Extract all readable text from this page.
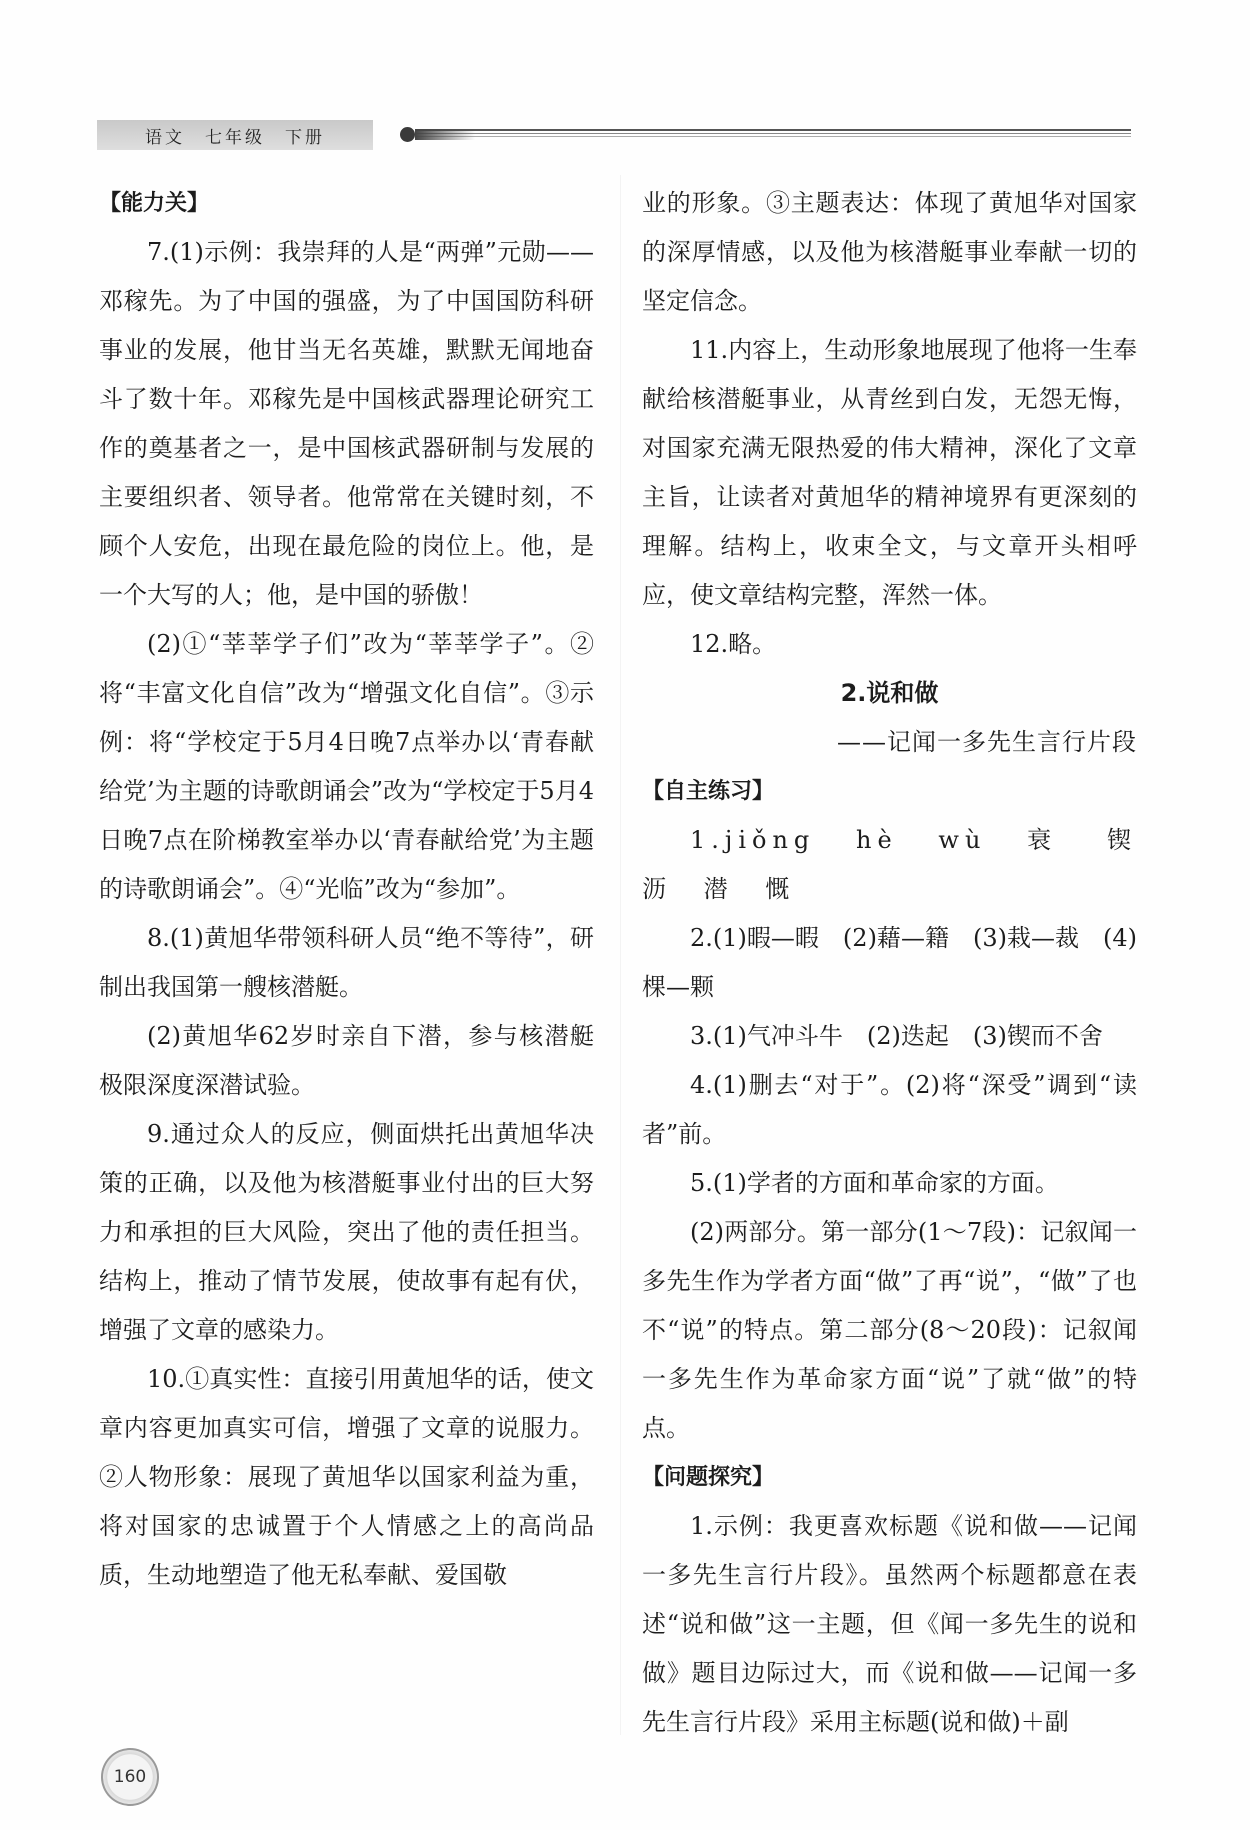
语文 七年级 下册

【能力关】

7.(1)示例：我崇拜的人是“两弹”元勋——邓稼先。为了中国的强盛，为了中国国防科研事业的发展，他甘当无名英雄，默默无闻地奋斗了数十年。邓稼先是中国核武器理论研究工作的奠基者之一，是中国核武器研制与发展的主要组织者、领导者。他常常在关键时刻，不顾个人安危，出现在最危险的岗位上。他，是一个大写的人；他，是中国的骄傲！

(2)①“莘莘学子们”改为“莘莘学子”。②将“丰富文化自信”改为“增强文化自信”。③示例：将“学校定于5月4日晚7点举办以‘青春献给党’为主题的诗歌朗诵会”改为“学校定于5月4日晚7点在阶梯教室举办以‘青春献给党’为主题的诗歌朗诵会”。④“光临”改为“参加”。

8.(1)黄旭华带领科研人员“绝不等待”，研制出我国第一艘核潜艇。

(2)黄旭华62岁时亲自下潜，参与核潜艇极限深度深潜试验。

9.通过众人的反应，侧面烘托出黄旭华决策的正确，以及他为核潜艇事业付出的巨大努力和承担的巨大风险，突出了他的责任担当。结构上，推动了情节发展，使故事有起有伏，增强了文章的感染力。

10.①真实性：直接引用黄旭华的话，使文章内容更加真实可信，增强了文章的说服力。②人物形象：展现了黄旭华以国家利益为重，将对国家的忠诚置于个人情感之上的高尚品质，生动地塑造了他无私奉献、爱国敬

业的形象。③主题表达：体现了黄旭华对国家的深厚情感，以及他为核潜艇事业奉献一切的坚定信念。

11.内容上，生动形象地展现了他将一生奉献给核潜艇事业，从青丝到白发，无怨无悔，对国家充满无限热爱的伟大精神，深化了文章主旨，让读者对黄旭华的精神境界有更深刻的理解。结构上，收束全文，与文章开头相呼应，使文章结构完整，浑然一体。

12.略。

2.说和做

——记闻一多先生言行片段

【自主练习】

1.jiǒng hè wù 衰 锲 沥 潜 慨

2.(1)暇—暇　(2)藉—籍　(3)栽—裁　(4)棵—颗

3.(1)气冲斗牛　(2)迭起　(3)锲而不舍

4.(1)删去“对于”。(2)将“深受”调到“读者”前。

5.(1)学者的方面和革命家的方面。

(2)两部分。第一部分(1～7段)：记叙闻一多先生作为学者方面“做”了再“说”，“做”了也不“说”的特点。第二部分(8～20段)：记叙闻一多先生作为革命家方面“说”了就“做”的特点。

【问题探究】

1.示例：我更喜欢标题《说和做——记闻一多先生言行片段》。虽然两个标题都意在表述“说和做”这一主题，但《闻一多先生的说和做》题目边际过大，而《说和做——记闻一多先生言行片段》采用主标题(说和做)＋副

160
